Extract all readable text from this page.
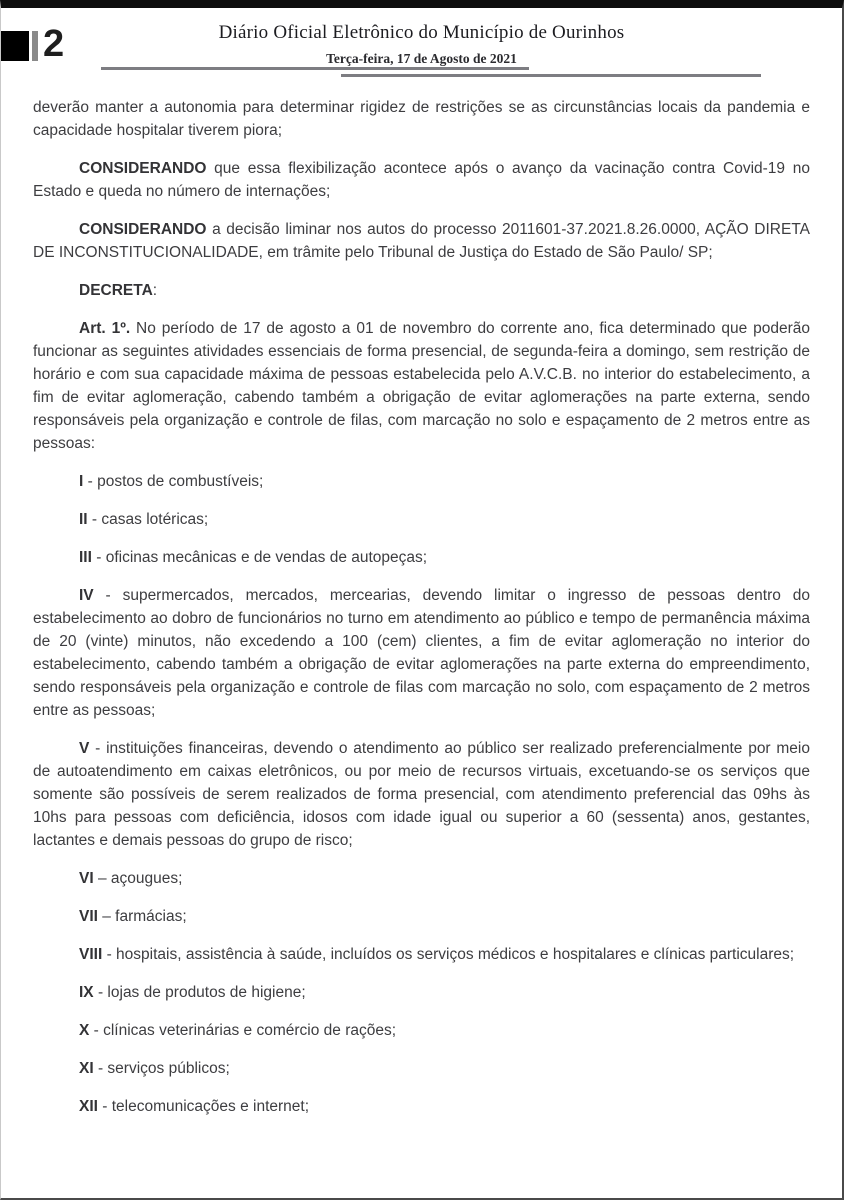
2	Diário Oficial Eletrônico do Município de Ourinhos
Terça-feira, 17 de Agosto de 2021

deverão manter a autonomia para determinar rigidez de restrições se as circunstâncias locais da pandemia e capacidade hospitalar tiverem piora;

CONSIDERANDO que essa flexibilização acontece após o avanço da vacinação contra Covid-19 no Estado e queda no número de internações;

CONSIDERANDO a decisão liminar nos autos do processo 2011601-37.2021.8.26.0000, AÇÃO DIRETA DE INCONSTITUCIONALIDADE, em trâmite pelo Tribunal de Justiça do Estado de São Paulo/ SP;

DECRETA:

Art. 1º. No período de 17 de agosto a 01 de novembro do corrente ano, fica determinado que poderão funcionar as seguintes atividades essenciais de forma presencial, de segunda-feira a domingo, sem restrição de horário e com sua capacidade máxima de pessoas estabelecida pelo A.V.C.B. no interior do estabelecimento, a fim de evitar aglomeração, cabendo também a obrigação de evitar aglomerações na parte externa, sendo responsáveis pela organização e controle de filas, com marcação no solo e espaçamento de 2 metros entre as pessoas:

I - postos de combustíveis;

II - casas lotéricas;

III - oficinas mecânicas e de vendas de autopeças;

IV - supermercados, mercados, mercearias, devendo limitar o ingresso de pessoas dentro do estabelecimento ao dobro de funcionários no turno em atendimento ao público e tempo de permanência máxima de 20 (vinte) minutos, não excedendo a 100 (cem) clientes, a fim de evitar aglomeração no interior do estabelecimento, cabendo também a obrigação de evitar aglomerações na parte externa do empreendimento, sendo responsáveis pela organização e controle de filas com marcação no solo, com espaçamento de 2 metros entre as pessoas;

V - instituições financeiras, devendo o atendimento ao público ser realizado preferencialmente por meio de autoatendimento em caixas eletrônicos, ou por meio de recursos virtuais, excetuando-se os serviços que somente são possíveis de serem realizados de forma presencial, com atendimento preferencial das 09hs às 10hs para pessoas com deficiência, idosos com idade igual ou superior a 60 (sessenta) anos, gestantes, lactantes e demais pessoas do grupo de risco;

VI – açougues;

VII – farmácias;

VIII - hospitais, assistência à saúde, incluídos os serviços médicos e hospitalares e clínicas particulares;

IX - lojas de produtos de higiene;

X - clínicas veterinárias e comércio de rações;

XI - serviços públicos;

XII - telecomunicações e internet;
